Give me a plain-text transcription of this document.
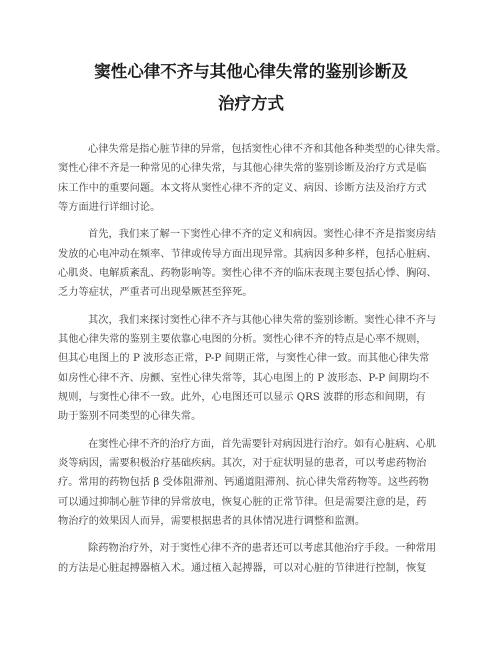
窦性心律不齐与其他心律失常的鉴别诊断及
治疗方式

心律失常是指心脏节律的异常，包括窦性心律不齐和其他各种类型的心律失常。
窦性心律不齐是一种常见的心律失常，与其他心律失常的鉴别诊断及治疗方式是临
床工作中的重要问题。本文将从窦性心律不齐的定义、病因、诊断方法及治疗方式
等方面进行详细讨论。

首先，我们来了解一下窦性心律不齐的定义和病因。窦性心律不齐是指窦房结
发放的心电冲动在频率、节律或传导方面出现异常。其病因多种多样，包括心脏病、
心肌炎、电解质紊乱、药物影响等。窦性心律不齐的临床表现主要包括心悸、胸闷、
乏力等症状，严重者可出现晕厥甚至猝死。

其次，我们来探讨窦性心律不齐与其他心律失常的鉴别诊断。窦性心律不齐与
其他心律失常的鉴别主要依靠心电图的分析。窦性心律不齐的特点是心率不规则，
但其心电图上的 P 波形态正常，P-P 间期正常，与窦性心律一致。而其他心律失常
如房性心律不齐、房颤、室性心律失常等，其心电图上的 P 波形态、P-P 间期均不
规则，与窦性心律不一致。此外，心电图还可以显示 QRS 波群的形态和间期，有
助于鉴别不同类型的心律失常。

在窦性心律不齐的治疗方面，首先需要针对病因进行治疗。如有心脏病、心肌
炎等病因，需要积极治疗基础疾病。其次，对于症状明显的患者，可以考虑药物治
疗。常用的药物包括 β 受体阻滞剂、钙通道阻滞剂、抗心律失常药物等。这些药物
可以通过抑制心脏节律的异常放电，恢复心脏的正常节律。但是需要注意的是，药
物治疗的效果因人而异，需要根据患者的具体情况进行调整和监测。

除药物治疗外，对于窦性心律不齐的患者还可以考虑其他治疗手段。一种常用
的方法是心脏起搏器植入术。通过植入起搏器，可以对心脏的节律进行控制，恢复
